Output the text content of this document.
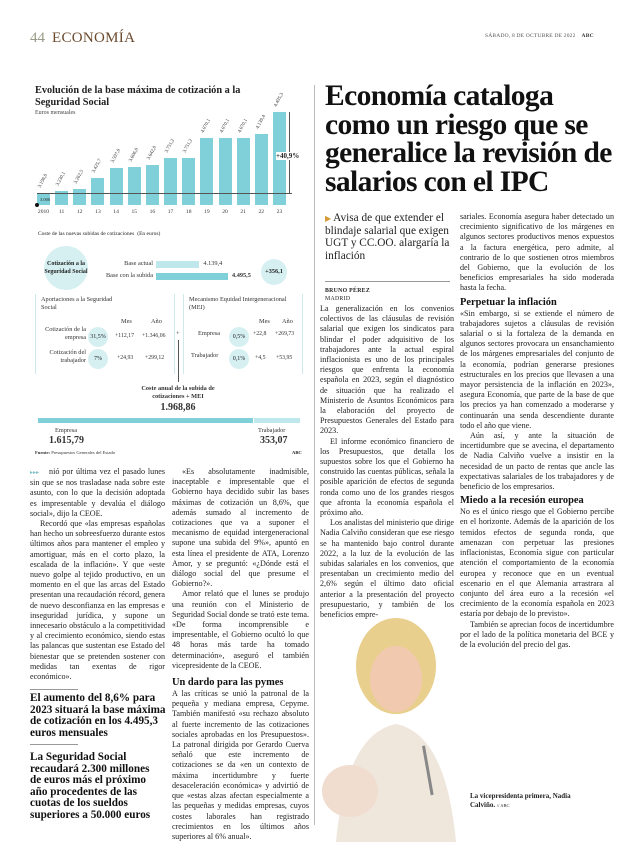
44 ECONOMÍA	SÁBADO, 8 DE OCTUBRE DE 2022 ABC
Evolución de la base máxima de cotización a la Seguridad Social
Euros mensuales
3.198,0
2010
3.230,1
11
3.262,5
12
3.425,7
13
3.597,0
14
3.606,0
15
3.642,0
16
3.751,2
17
3.751,2
18
4.070,1
19
4.070,1
20
4.070,1
21
4.139,4
22
4.495,3
23
+40,9%
3.000
Coste de las nuevas subidas de cotizaciones (En euros)
Cotización a la Seguridad Social
Base actual	4.139,4
Base con la subida	4.495,5
+356,1
Aportaciones a la Seguridad Social
Mes	Año
Cotización de la empresa 31,5%	+112,17 +1.346,06
Cotización del trabajador	7%	+24,93 +299,12
+
Mecanismo Equidad Intergeneracional (MEI)
Mes Año
Empresa	0,5%	+22,8 +269,73
Trabajador	0,1%	+4,5 +53,95
Coste anual de la subida de cotizaciones + MEI
1.968,86
Empresa
1.615,79
Trabajador
353,07
Fuente: Presupuestos Generales del Estado	ABC
Economía cataloga como un riesgo que se generalice la revisión de salarios con el IPC
▶ Avisa de que extender el blindaje salarial que exigen UGT y CC.OO. alargaría la inflación
BRUNO PÉREZ
MADRID

La generalización en los convenios colectivos de las cláusulas de revisión salarial que exigen los sindicatos para blindar el poder adquisitivo de los trabajadores ante la actual espiral inflacionista es uno de los principales riesgos que enfrenta la economía española en 2023, según el diagnóstico de situación que ha realizado el Ministerio de Asuntos Económicos para la elaboración del proyecto de Presupuestos Generales del Estado para 2023.

El informe económico financiero de los Presupuestos, que detalla los supuestos sobre los que el Gobierno ha construido las cuentas públicas, señala la posible aparición de efectos de segunda ronda como uno de los grandes riesgos que afronta la economía española el próximo año.

Los analistas del ministerio que dirige Nadia Calviño consideran que ese riesgo se ha mantenido bajo control durante 2022, a la luz de la evolución de las subidas salariales en los convenios, que presentaban un crecimiento medio del 2,6% según el último dato oficial anterior a la presentación del proyecto presupuestario, y también de los beneficios empre-

sariales. Economía asegura haber detectado un crecimiento significativo de los márgenes en algunos sectores productivos menos expuestos a la factura energética, pero admite, al contrario de lo que sostienen otros miembros del Gobierno, que la evolución de los beneficios empresariales ha sido moderada hasta la fecha.

Perpetuar la inflación

«Sin embargo, si se extiende el número de trabajadores sujetos a cláusulas de revisión salarial o si la fortaleza de la demanda en algunos sectores provocara un ensanchamiento de los márgenes empresariales del conjunto de la economía, podrían generarse presiones estructurales en los precios que llevasen a una mayor persistencia de la inflación en 2023», asegura Economía, que parte de la base de que los precios ya han comenzado a moderarse y continuarán una senda descendiente durante todo el año que viene.

Aún así, y ante la situación de incertidumbre que se avecina, el departamento de Nadia Calviño vuelve a insistir en la necesidad de un pacto de rentas que ancle las expectativas salariales de los trabajadores y de beneficio de los empresarios.

Miedo a la recesión europea

No es el único riesgo que el Gobierno percibe en el horizonte. Además de la aparición de los temidos efectos de segunda ronda, que amenazan con perpetuar las presiones inflacionistas, Economía sigue con particular atención el comportamiento de la economía europea y reconoce que en un eventual escenario en el que Alemania arrastrara al conjunto del área euro a la recesión «el crecimiento de la economía española en 2023 estaría por debajo de lo previsto».

También se aprecian focos de incertidumbre por el lado de la política monetaria del BCE y de la evolución del precio del gas.

La vicepresidenta primera, Nadia Calviño. // ABC

▸▸▸ nió por última vez el pasado lunes sin que se nos trasladase nada sobre este asunto, con lo que la decisión adoptada es impresentable y devalúa el diálogo social», dijo la CEOE.

Recordó que «las empresas españolas han hecho un sobreesfuerzo durante estos últimos años para mantener el empleo y amortiguar, más en el corto plazo, la escalada de la inflación». Y que «este nuevo golpe al tejido productivo, en un momento en el que las arcas del Estado presentan una recaudación récord, genera de nuevo desconfianza en las empresas e inseguridad jurídica, y supone un innecesario obstáculo a la competitividad y al crecimiento económico, siendo estas las palancas que sustentan ese Estado del bienestar que se pretenden sostener con medidas tan exentas de rigor económico».

El aumento del 8,6% para 2023 situará la base máxima de cotización en los 4.495,3 euros mensuales
La Seguridad Social recaudará 2.300 millones de euros más el próximo año procedentes de las cuotas de los sueldos superiores a 50.000 euros

«Es absolutamente inadmisible, inaceptable e impresentable que el Gobierno haya decidido subir las bases máximas de cotización un 8,6%, que además sumado al incremento de cotizaciones que va a suponer el mecanismo de equidad intergeneracional supone una subida del 9%», apuntó en esta línea el presidente de ATA, Lorenzo Amor, y se preguntó: «¿Dónde está el diálogo social del que presume el Gobierno?».

Amor relató que el lunes se produjo una reunión con el Ministerio de Seguridad Social donde se trató este tema. «De forma incomprensible e impresentable, el Gobierno ocultó lo que 48 horas más tarde ha tomado determinación», aseguró el también vicepresidente de la CEOE.

Un dardo para las pymes

A las críticas se unió la patronal de la pequeña y mediana empresa, Cepyme. También manifestó «su rechazo absoluto al fuerte incremento de las cotizaciones sociales aprobadas en los Presupuestos». La patronal dirigida por Gerardo Cuerva señaló que este incremento de cotizaciones se da «en un contexto de máxima incertidumbre y fuerte desaceleración económica» y advirtió de que «estas alzas afectan especialmente a las pequeñas y medidas empresas, cuyos costes laborales han registrado crecimientos en los últimos años superiores al 6% anual».
